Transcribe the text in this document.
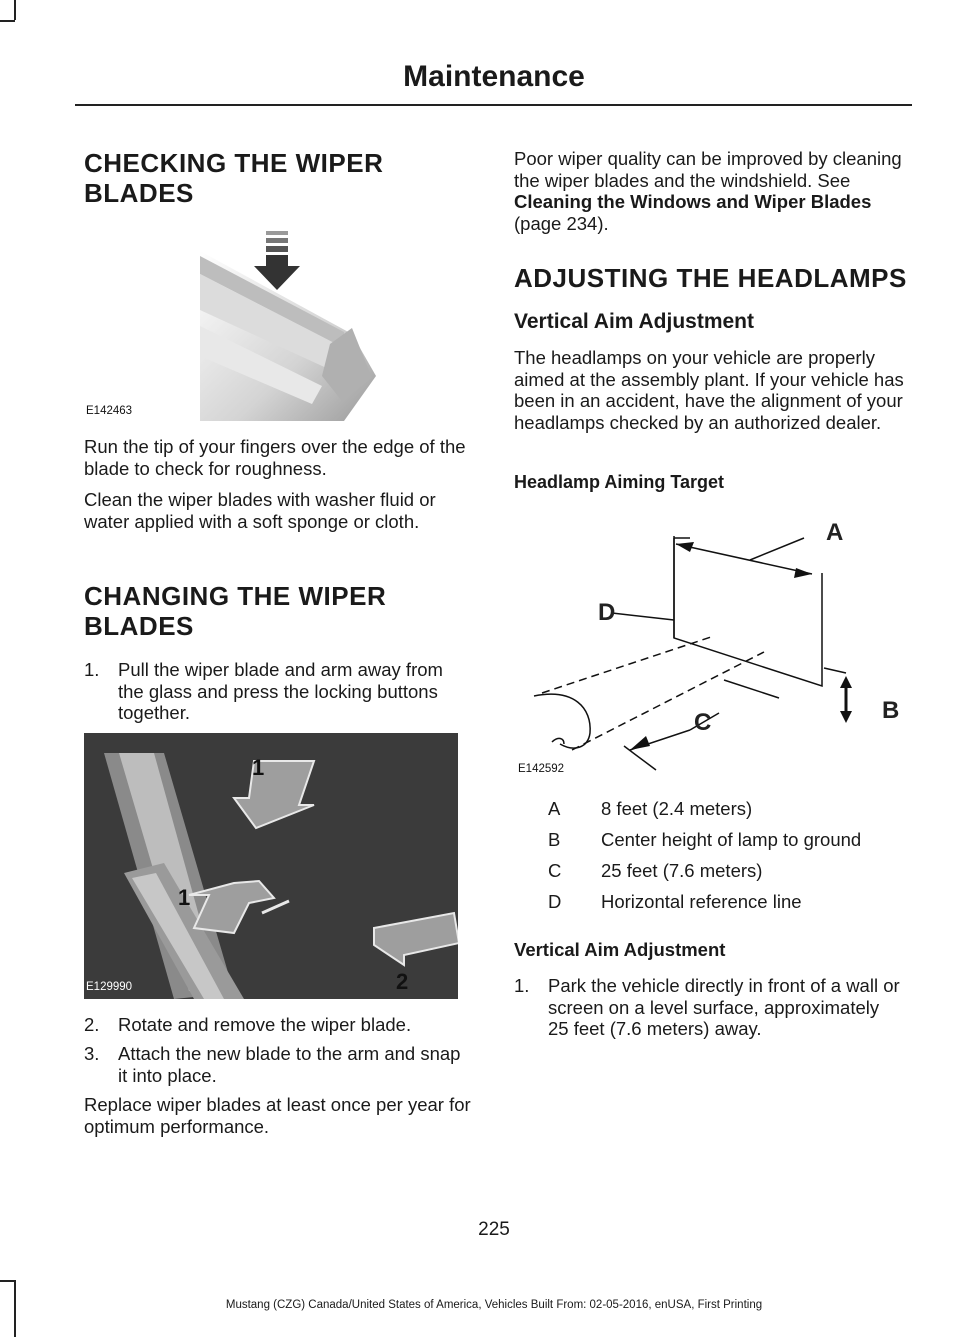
Maintenance
CHECKING THE WIPER
BLADES
E142463

Run the tip of your fingers over the edge of the blade to check for roughness.

Clean the wiper blades with washer fluid or water applied with a soft sponge or cloth.

CHANGING THE WIPER
BLADES
1. Pull the wiper blade and arm away from the glass and press the locking buttons together.
1
1
2
E129990
2. Rotate and remove the wiper blade.
3. Attach the new blade to the arm and snap it into place.

Replace wiper blades at least once per year for optimum performance.

Poor wiper quality can be improved by cleaning the wiper blades and the windshield. See Cleaning the Windows and Wiper Blades (page 234).

ADJUSTING THE HEADLAMPS
Vertical Aim Adjustment

The headlamps on your vehicle are properly aimed at the assembly plant. If your vehicle has been in an accident, have the alignment of your headlamps checked by an authorized dealer.

Headlamp Aiming Target
A
D
B
C
E142592
A 8 feet (2.4 meters)
B Center height of lamp to ground
C 25 feet (7.6 meters)
D Horizontal reference line
Vertical Aim Adjustment
1. Park the vehicle directly in front of a wall or screen on a level surface, approximately 25 feet (7.6 meters) away.
225
Mustang (CZG) Canada/United States of America, Vehicles Built From: 02-05-2016, enUSA, First Printing
